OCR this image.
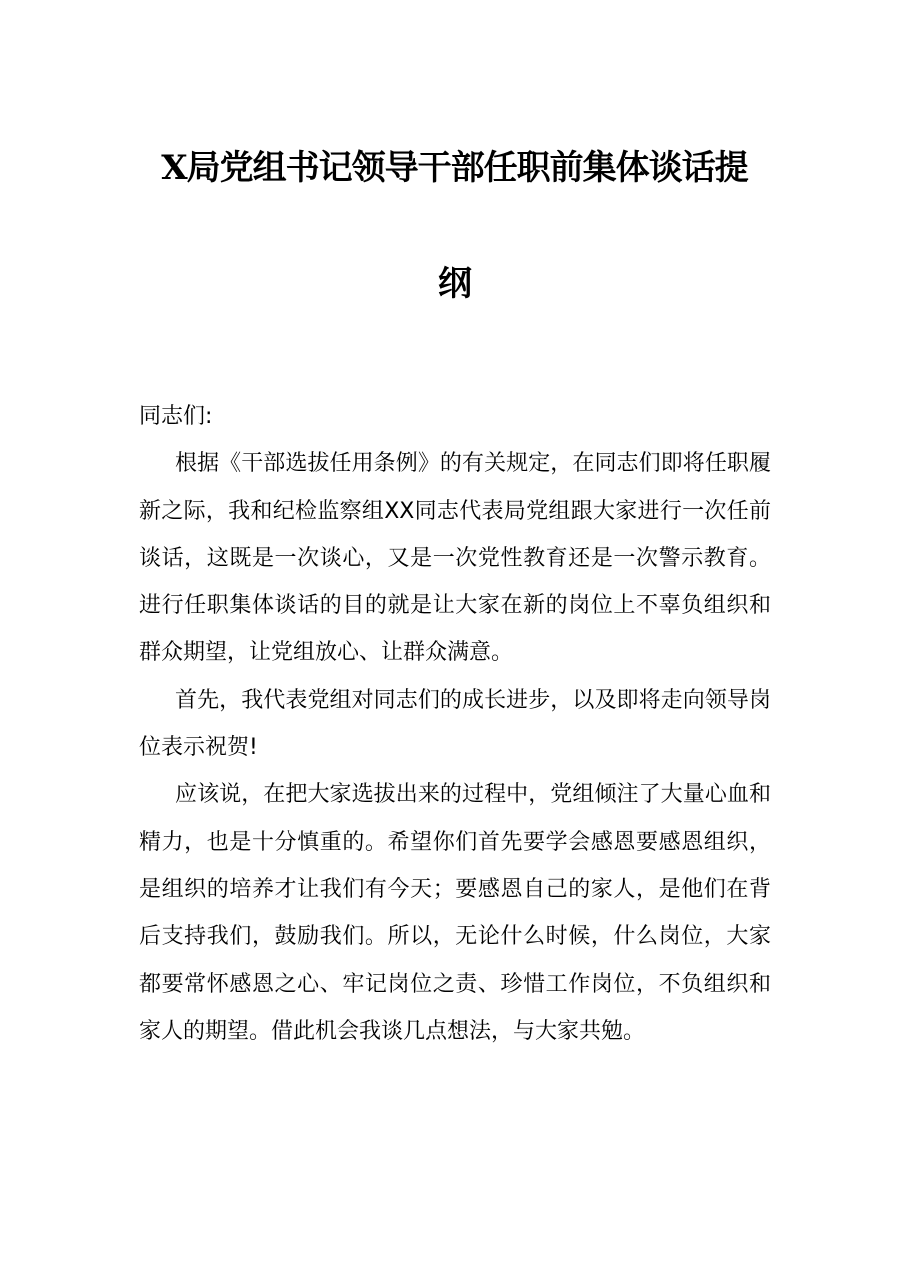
X局党组书记领导干部任职前集体谈话提
纲

同志们:

根据《干部选拔任用条例》的有关规定，在同志们即将任职履新之际，我和纪检监察组XX同志代表局党组跟大家进行一次任前谈话，这既是一次谈心，又是一次党性教育还是一次警示教育。进行任职集体谈话的目的就是让大家在新的岗位上不辜负组织和群众期望，让党组放心、让群众满意。

首先，我代表党组对同志们的成长进步，以及即将走向领导岗位表示祝贺!

应该说，在把大家选拔出来的过程中，党组倾注了大量心血和精力，也是十分慎重的。希望你们首先要学会感恩要感恩组织，是组织的培养才让我们有今天；要感恩自己的家人，是他们在背后支持我们，鼓励我们。所以，无论什么时候，什么岗位，大家都要常怀感恩之心、牢记岗位之责、珍惜工作岗位，不负组织和家人的期望。借此机会我谈几点想法，与大家共勉。
